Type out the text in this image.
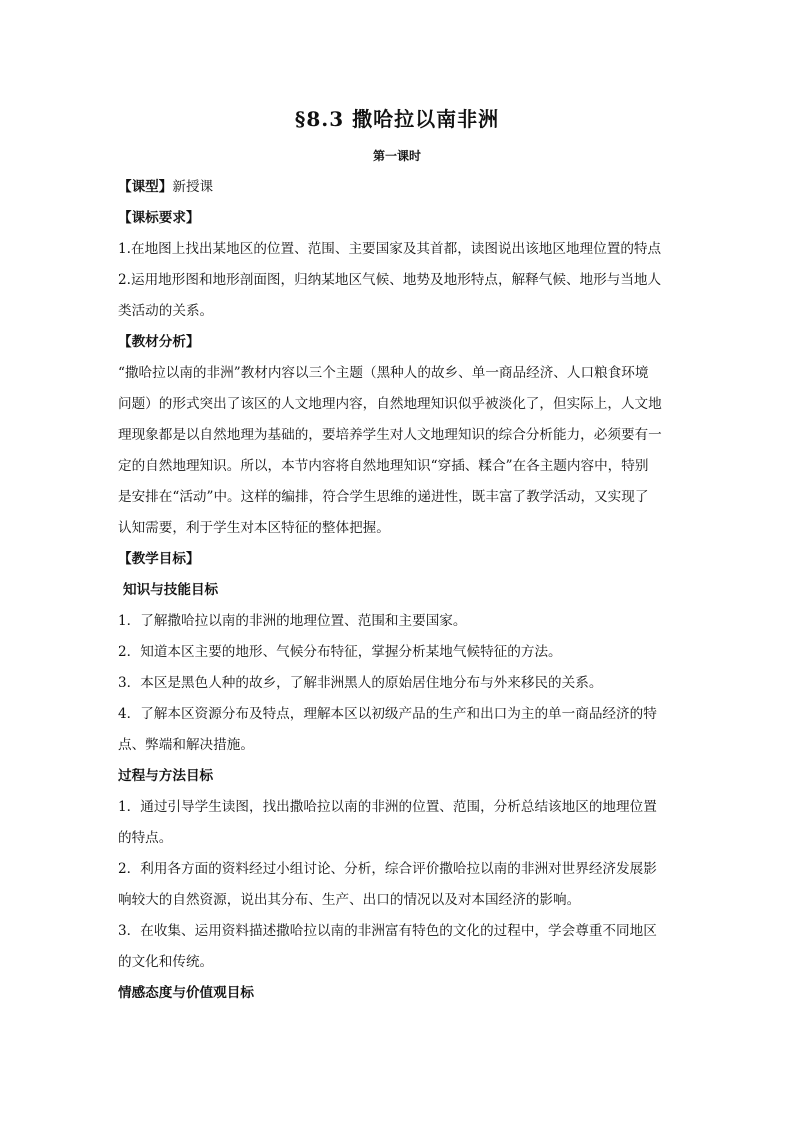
§8.3 撒哈拉以南非洲
第一课时
【课型】新授课
【课标要求】
1.在地图上找出某地区的位置、范围、主要国家及其首都，读图说出该地区地理位置的特点
2.运用地形图和地形剖面图，归纳某地区气候、地势及地形特点，解释气候、地形与当地人
类活动的关系。
【教材分析】
“撒哈拉以南的非洲”教材内容以三个主题（黑种人的故乡、单一商品经济、人口粮食环境
问题）的形式突出了该区的人文地理内容，自然地理知识似乎被淡化了，但实际上，人文地
理现象都是以自然地理为基础的，要培养学生对人文地理知识的综合分析能力，必须要有一
定的自然地理知识。所以，本节内容将自然地理知识“穿插、糅合”在各主题内容中，特别
是安排在“活动”中。这样的编排，符合学生思维的递进性，既丰富了教学活动，又实现了
认知需要，利于学生对本区特征的整体把握。
【教学目标】
知识与技能目标
1．了解撒哈拉以南的非洲的地理位置、范围和主要国家。
2．知道本区主要的地形、气候分布特征，掌握分析某地气候特征的方法。
3．本区是黑色人种的故乡，了解非洲黑人的原始居住地分布与外来移民的关系。
4．了解本区资源分布及特点，理解本区以初级产品的生产和出口为主的单一商品经济的特
点、弊端和解决措施。
过程与方法目标
1．通过引导学生读图，找出撒哈拉以南的非洲的位置、范围，分析总结该地区的地理位置
的特点。
2．利用各方面的资料经过小组讨论、分析，综合评价撒哈拉以南的非洲对世界经济发展影
响较大的自然资源，说出其分布、生产、出口的情况以及对本国经济的影响。
3．在收集、运用资料描述撒哈拉以南的非洲富有特色的文化的过程中，学会尊重不同地区
的文化和传统。
情感态度与价值观目标
